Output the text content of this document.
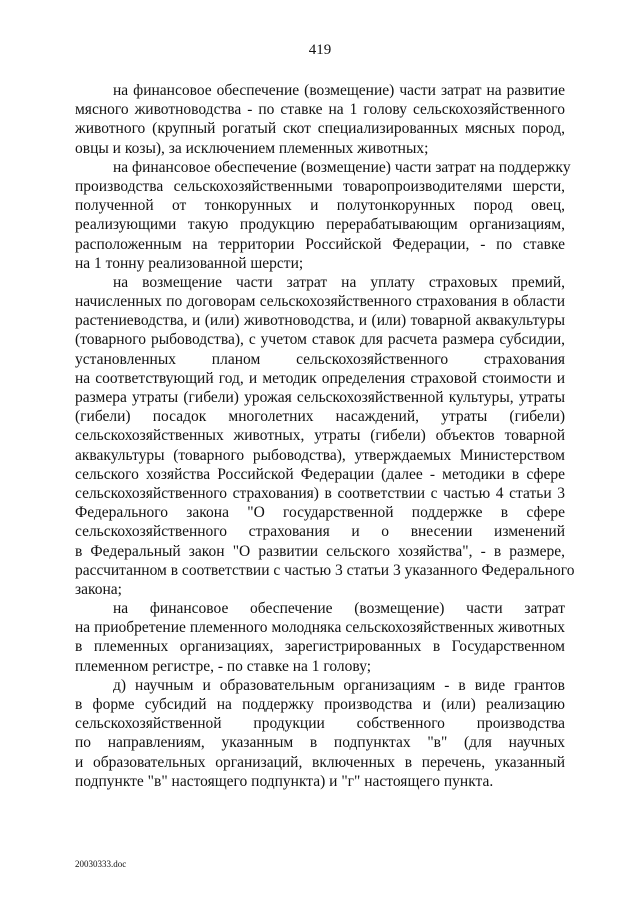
419

на финансовое обеспечение (возмещение) части затрат на развитие
мясного животноводства - по ставке на 1 голову сельскохозяйственного
животного (крупный рогатый скот специализированных мясных пород,
овцы и козы), за исключением племенных животных;

на финансовое обеспечение (возмещение) части затрат на поддержку
производства сельскохозяйственными товаропроизводителями шерсти,
полученной от тонкорунных и полутонкорунных пород овец,
реализующими такую продукцию перерабатывающим организациям,
расположенным на территории Российской Федерации, - по ставке
на 1 тонну реализованной шерсти;

на возмещение части затрат на уплату страховых премий,
начисленных по договорам сельскохозяйственного страхования в области
растениеводства, и (или) животноводства, и (или) товарной аквакультуры
(товарного рыбоводства), с учетом ставок для расчета размера субсидии,
установленных планом сельскохозяйственного страхования
на соответствующий год, и методик определения страховой стоимости и
размера утраты (гибели) урожая сельскохозяйственной культуры, утраты
(гибели) посадок многолетних насаждений, утраты (гибели)
сельскохозяйственных животных, утраты (гибели) объектов товарной
аквакультуры (товарного рыбоводства), утверждаемых Министерством
сельского хозяйства Российской Федерации (далее - методики в сфере
сельскохозяйственного страхования) в соответствии с частью 4 статьи 3
Федерального закона "О государственной поддержке в сфере
сельскохозяйственного страхования и о внесении изменений
в Федеральный закон "О развитии сельского хозяйства", - в размере,
рассчитанном в соответствии с частью 3 статьи 3 указанного Федерального
закона;

на финансовое обеспечение (возмещение) части затрат
на приобретение племенного молодняка сельскохозяйственных животных
в племенных организациях, зарегистрированных в Государственном
племенном регистре, - по ставке на 1 голову;

д) научным и образовательным организациям - в виде грантов
в форме субсидий на поддержку производства и (или) реализацию
сельскохозяйственной продукции собственного производства
по направлениям, указанным в подпунктах "в" (для научных
и образовательных организаций, включенных в перечень, указанный
подпункте "в" настоящего подпункта) и "г" настоящего пункта.

20030333.doc
